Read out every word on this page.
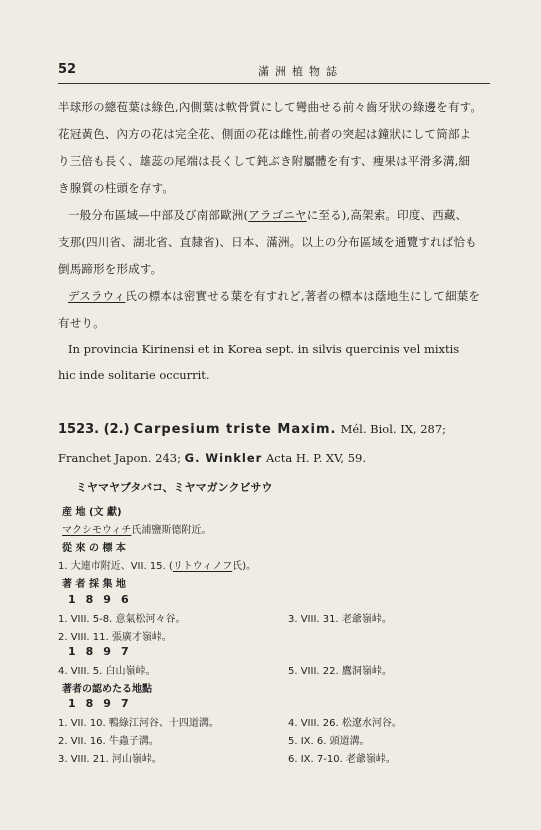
52	滿洲植物誌
半球形の總苞葉は綠色,內側葉は軟骨質にして彎曲せる前々齒牙狀の綠邊を有す。
花冠黃色、內方の花は完全花、側面の花は雌性,前者の突起は鐘狀にして筒部よ
り三倍も長く、雄蕊の尾端は長くして鈍ぶき附屬體を有す、痩果は平滑多溝,細
き腺質の柱頭を存す。
一般分布區域—中部及び南部歐洲(アラゴニヤに至る),高架索。印度、西藏、
支那(四川省、湖北省、直隸省)、日本、滿洲。以上の分布區域を通覽すれば恰も
倒馬蹄形を形成す。
デスラウィ氏の標本は密實せる葉を有すれど,著者の標本は蔭地生にして細葉を
有せり。
In provincia Kirinensi et in Korea sept. in silvis quercinis vel mixtis
hic inde solitarie occurrit.
1523. (2.) Carpesium triste Maxim. Mél. Biol. IX, 287;
Franchet Japon. 243; G. Winkler Acta H. P. XV, 59.
ミヤマヤブタバコ、ミヤマガンクビサウ
産 地 (文 獻)
マクシモウィチ氏浦鹽斯德附近。
從 來 の 標 本
1. 大連市附近、VII. 15. (リトウィノフ氏)。
著 者 採 集 地
1896
1. VIII. 5-8. 意氣松河々谷。	3. VIII. 31. 老爺嶺峠。
2. VIII. 11. 張廣才嶺峠。
1897
4. VIII. 5. 白山嶺峠。	5. VIII. 22. 鷹洞嶺峠。
著者の認めたる地點
1897
1. VII. 10. 鴨綠江河谷、十四道溝。	4. VIII. 26. 松遼水河谷。
2. VII. 16. 牛蟲子溝。	5. IX. 6. 頭道溝。
3. VIII. 21. 河山嶺峠。	6. IX. 7-10. 老爺嶺峠。
